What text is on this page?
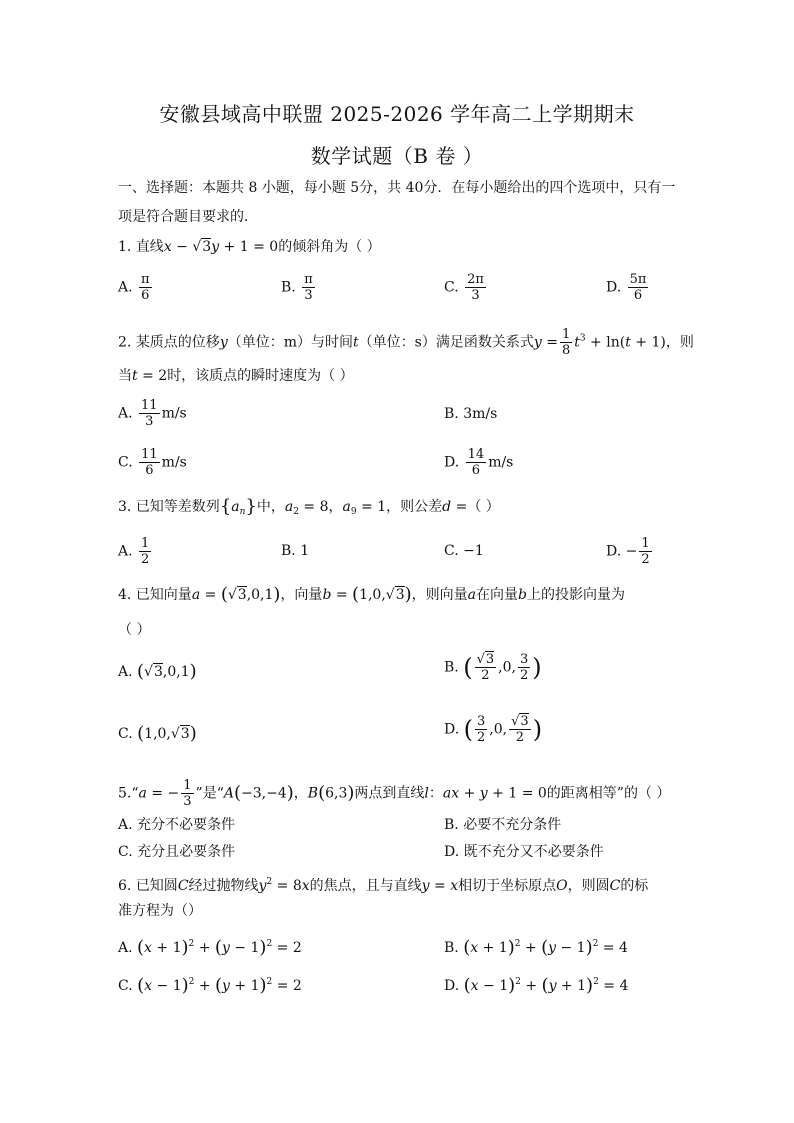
安徽县域高中联盟 2025-2026 学年高二上学期期末
数学试题（B 卷 ）
一、选择题：本题共 8 小题，每小题 5分，共 40分．在每小题给出的四个选项中，只有一
项是符合题目要求的．
1. 直线x − √3y + 1 = 0的倾斜角为（ ）
A. $\frac{\pi}{6}$	B. $\frac{\pi}{3}$	C. $\frac{2\pi}{3}$	D. $\frac{5\pi}{6}$
2. 某质点的位移y（单位：m）与时间t（单位：s）满足函数关系式$y = \frac{1}{8} t^3 + \ln(t + 1)$，则
当t = 2时，该质点的瞬时速度为（ ）
A. $\frac{11}{3} m/s$	B. 3m/s
C. $\frac{11}{6} m/s$	D. $\frac{14}{6} m/s$
3. 已知等差数列$\{a_n\}$中，$a_2 = 8$，$a_9 = 1$，则公差d =（ ）
A. $\frac{1}{2}$	B. 1	C. −1	D. − $\frac{1}{2}$
4. 已知向量a = (√3,0,1)，向量b = (1,0,√3)，则向量a在向量b上的投影向量为
（ ）
A. (√3,0,1)	B. ( $\frac{√3}{2} ,0$, $\frac{3}{2}$ )
C. (1,0,√3)	D. ( $\frac{3}{2} ,0$, $\frac{√3}{2}$ )
5.“a = − $\frac{1}{3}$ ”是“A(−3,−4)，B(6,3)两点到直线l：ax + y + 1 = 0的距离相等”的（ ）
A. 充分不必要条件	B. 必要不充分条件
C. 充分且必要条件	D. 既不充分又不必要条件
6. 已知圆C经过抛物线$y^2 = 8x$的焦点，且与直线y = x相切于坐标原点O，则圆C的标
准方程为（）
A. $(x + 1)^2 + (y - 1)^2 = 2$	B. $(x + 1)^2 + (y - 1)^2 = 4$
C. $(x - 1)^2 + (y + 1)^2 = 2$	D. $(x - 1)^2 + (y + 1)^2 = 4$
